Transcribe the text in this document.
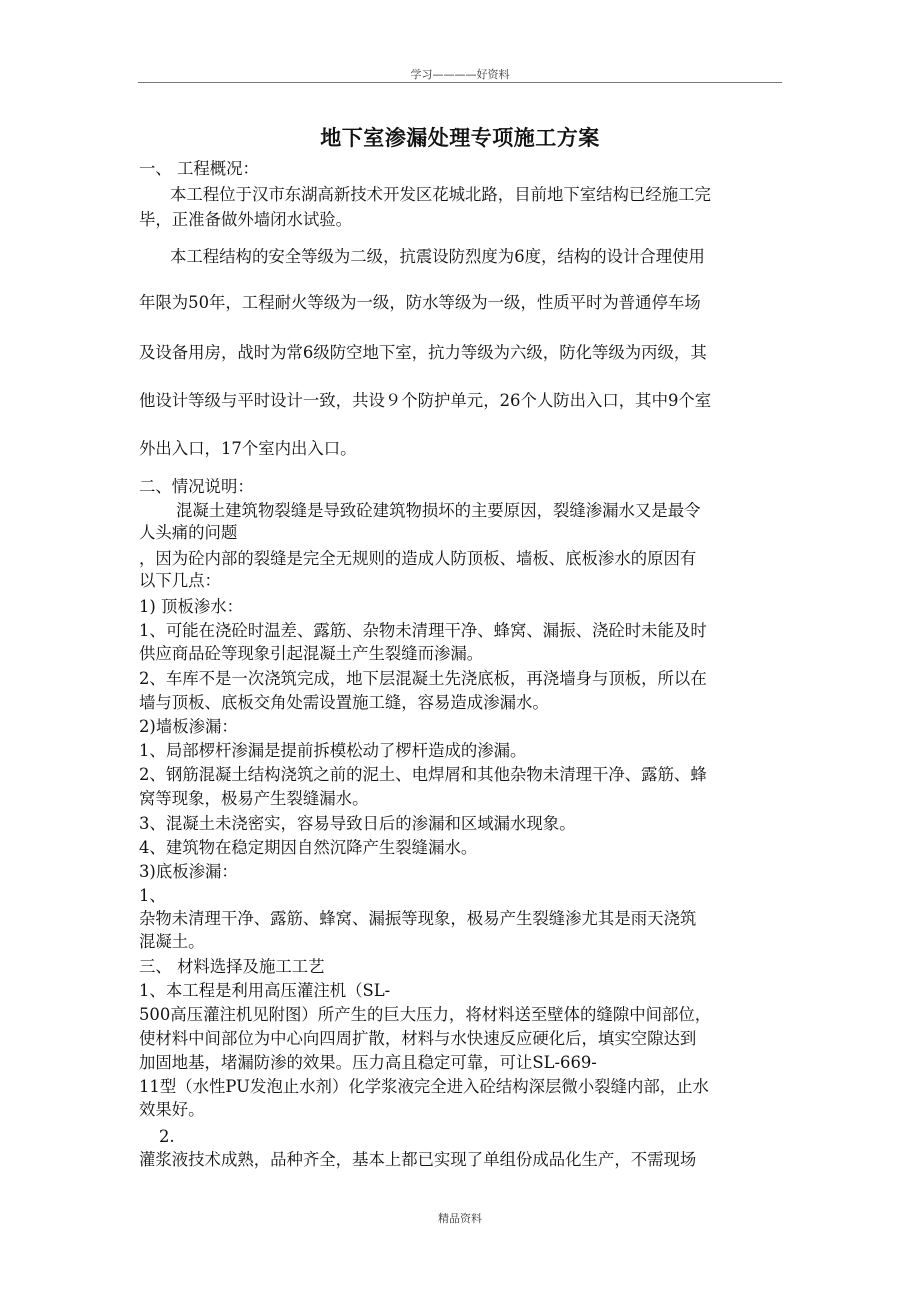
学习————好资料
地下室渗漏处理专项施工方案
一、 工程概况：
本工程位于汉市东湖高新技术开发区花城北路，目前地下室结构已经施工完
毕，正准备做外墙闭水试验。
本工程结构的安全等级为二级，抗震设防烈度为6度，结构的设计合理使用
年限为50年，工程耐火等级为一级，防水等级为一级，性质平时为普通停车场
及设备用房，战时为常6级防空地下室，抗力等级为六级，防化等级为丙级，其
他设计等级与平时设计一致，共设９个防护单元，26个人防出入口，其中9个室
外出入口，17个室内出入口。
二、情况说明：
混凝土建筑物裂缝是导致砼建筑物损坏的主要原因，裂缝渗漏水又是最令
人头痛的问题
，因为砼内部的裂缝是完全无规则的造成人防顶板、墙板、底板渗水的原因有
以下几点：
1) 顶板渗水：
1、可能在浇砼时温差、露筋、杂物未清理干净、蜂窝、漏振、浇砼时未能及时
供应商品砼等现象引起混凝土产生裂缝而渗漏。
2、车库不是一次浇筑完成，地下层混凝土先浇底板，再浇墙身与顶板，所以在
墙与顶板、底板交角处需设置施工缝，容易造成渗漏水。
2)墙板渗漏：
1、局部椤杆渗漏是提前拆模松动了椤杆造成的渗漏。
2、钢筋混凝土结构浇筑之前的泥土、电焊屑和其他杂物未清理干净、露筋、蜂
窝等现象，极易产生裂缝漏水。
3、混凝土未浇密实，容易导致日后的渗漏和区域漏水现象。
4、建筑物在稳定期因自然沉降产生裂缝漏水。
3)底板渗漏：
1、
杂物未清理干净、露筋、蜂窝、漏振等现象，极易产生裂缝渗尤其是雨天浇筑
混凝土。
三、 材料选择及施工工艺
1、本工程是利用高压灌注机（SL-
500高压灌注机见附图）所产生的巨大压力，将材料送至壁体的缝隙中间部位，
使材料中间部位为中心向四周扩散，材料与水快速反应硬化后，填实空隙达到
加固地基，堵漏防渗的效果。压力高且稳定可靠，可让SL-669-
11型（水性PU发泡止水剂）化学浆液完全进入砼结构深层微小裂缝内部，止水
效果好。
2.
灌浆液技术成熟，品种齐全，基本上都已实现了单组份成品化生产，不需现场
精品资料
